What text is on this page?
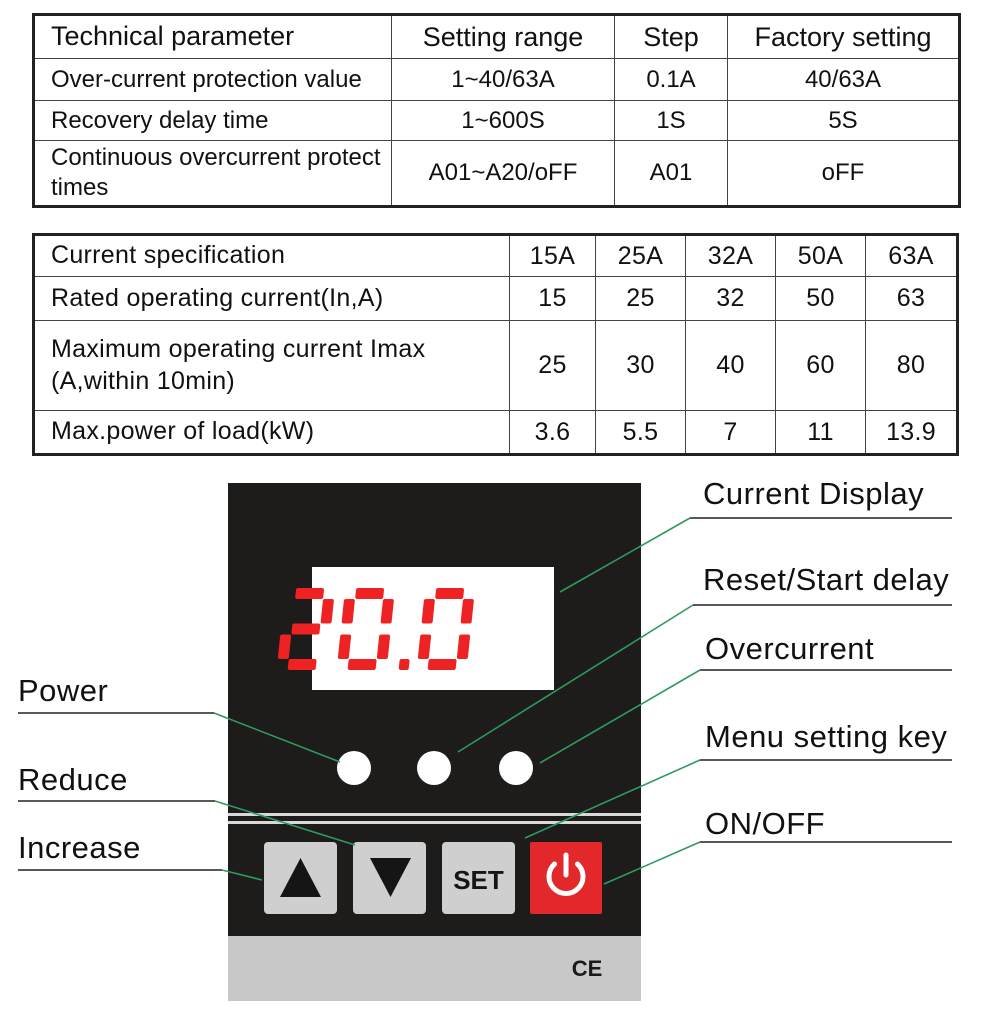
Technical parameter	Setting range	Step	Factory setting
Over-current protection value	1~40/63A	0.1A	40/63A
Recovery delay time	1~600S	1S	5S
Continuous overcurrent protect times	A01~A20/oFF	A01	oFF
Current specification	15A	25A	32A	50A	63A
Rated operating current(In,A)	15	25	32	50	63
Maximum operating current Imax (A,within 10min)	25	30	40	60	80
Max.power of load(kW)	3.6	5.5	7	11	13.9
SET
CE
Current Display
Reset/Start delay
Overcurrent
Menu setting key
ON/OFF
Power
Reduce
Increase
